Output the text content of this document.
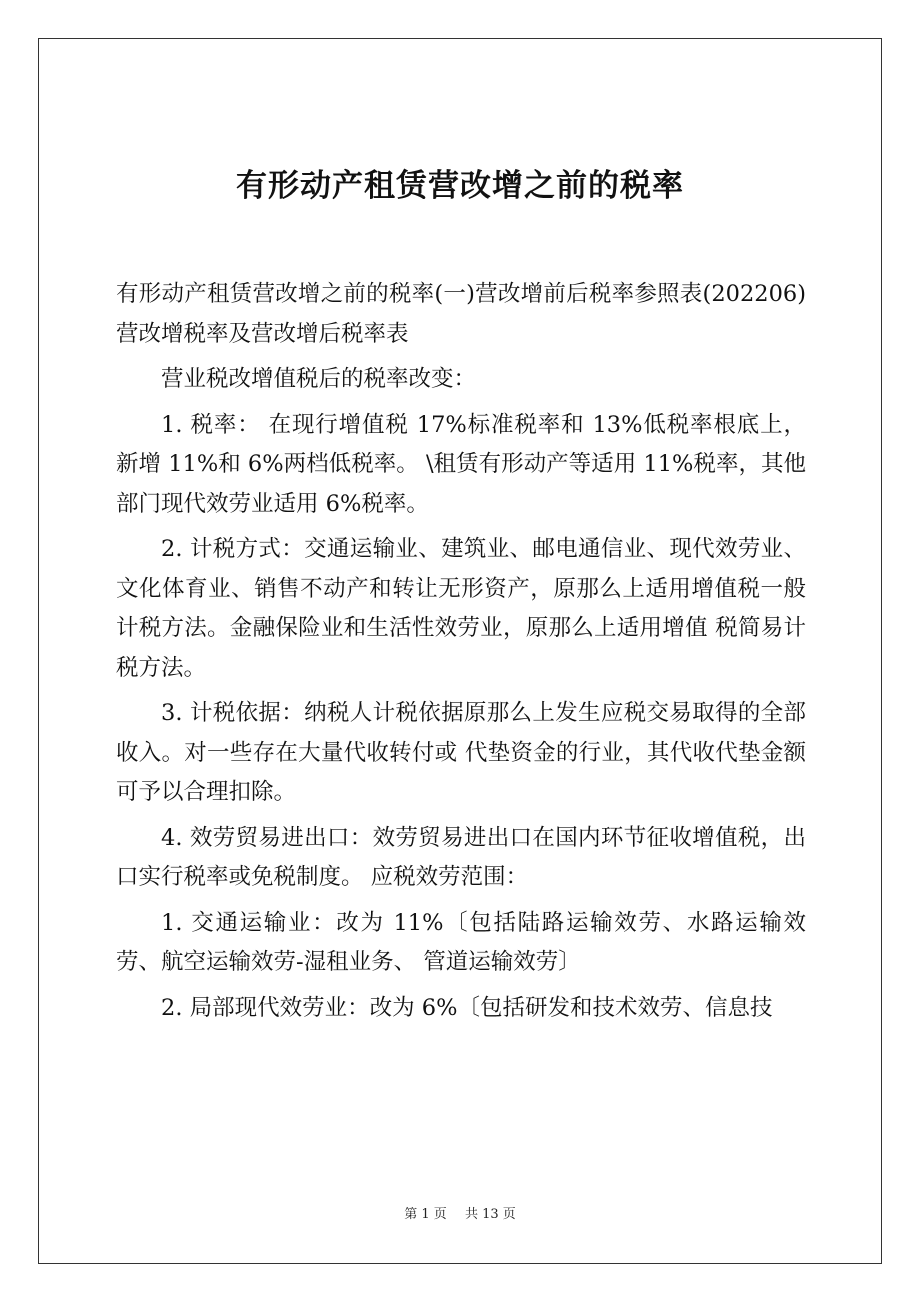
有形动产租赁营改增之前的税率

有形动产租赁营改增之前的税率(一)营改增前后税率参照表(202206)　　营改增税率及营改增后税率表

营业税改增值税后的税率改变：

1. 税率： 在现行增值税 17%标准税率和 13%低税率根底上，新增 11%和 6%两档低税率。 \租赁有形动产等适用 11%税率，其他部门现代效劳业适用 6%税率。

2. 计税方式：交通运输业、建筑业、邮电通信业、现代效劳业、文化体育业、销售不动产和转让无形资产，原那么上适用增值税一般计税方法。金融保险业和生活性效劳业，原那么上适用增值 税简易计税方法。

3. 计税依据：纳税人计税依据原那么上发生应税交易取得的全部收入。对一些存在大量代收转付或 代垫资金的行业，其代收代垫金额可予以合理扣除。

4. 效劳贸易进出口：效劳贸易进出口在国内环节征收增值税，出口实行税率或免税制度。 应税效劳范围：

1. 交通运输业：改为 11%〔包括陆路运输效劳、水路运输效劳、航空运输效劳-湿租业务、 管道运输效劳〕

2. 局部现代效劳业：改为 6%〔包括研发和技术效劳、信息技

第 1 页 共 13 页
